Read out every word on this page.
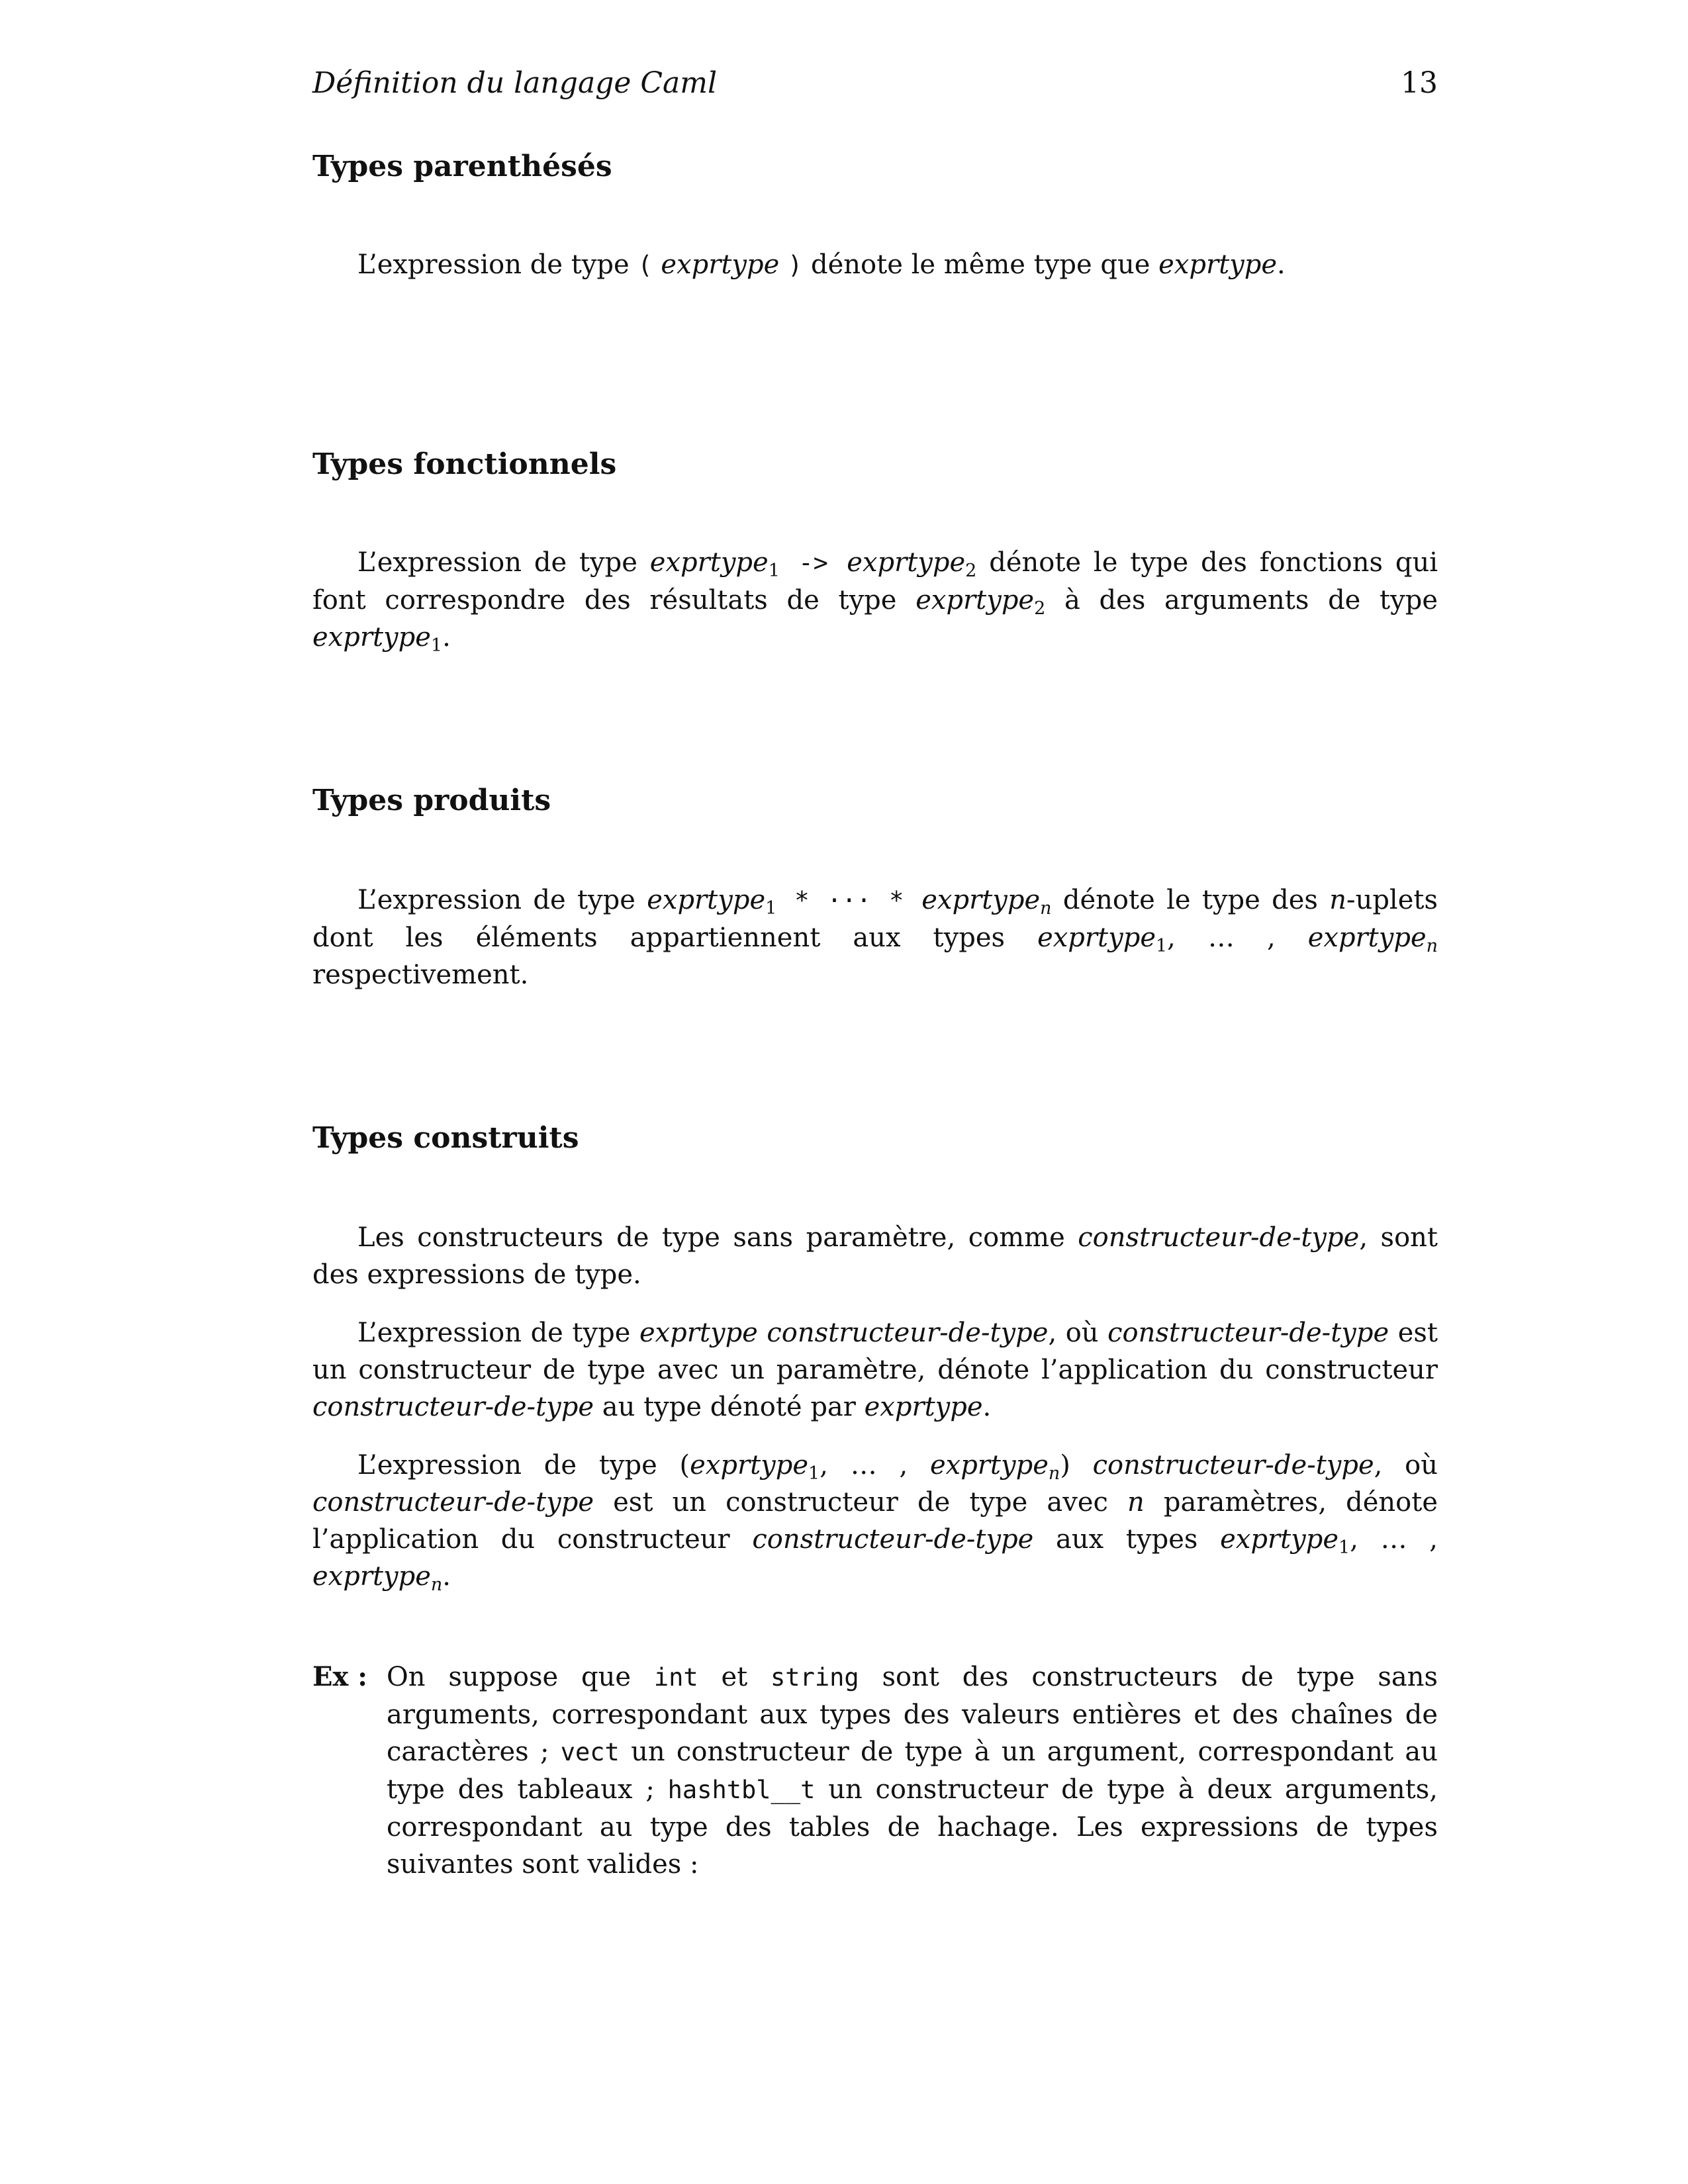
Définition du langage Caml	13
Types parenthésés

L’expression de type ( exprtype ) dénote le même type que exprtype.

Types fonctionnels

L’expression de type exprtype$_1$ -> exprtype$_2$ dénote le type des fonctions qui font correspondre des résultats de type exprtype$_2$ à des arguments de type exprtype$_1$.

Types produits

L’expression de type exprtype$_1$ * ··· * exprtype$_n$ dénote le type des n-uplets dont les éléments appartiennent aux types exprtype$_1$, … , exprtype$_n$ respectivement.

Types construits

Les constructeurs de type sans paramètre, comme constructeur-de-type, sont des expressions de type.

L’expression de type exprtype constructeur-de-type, où constructeur-de-type est un constructeur de type avec un paramètre, dénote l’application du constructeur constructeur-de-type au type dénoté par exprtype.

L’expression de type (exprtype$_1$, … , exprtype$_n$) constructeur-de-type, où constructeur-de-type est un constructeur de type avec n paramètres, dénote l’application du constructeur constructeur-de-type aux types exprtype$_1$, … , exprtype$_n$.

Ex : On suppose que int et string sont des constructeurs de type sans arguments, correspondant aux types des valeurs entières et des chaînes de caractères ; vect un constructeur de type à un argument, correspondant au type des tableaux ; hashtbl__t un constructeur de type à deux arguments, correspondant au type des tables de hachage. Les expressions de types suivantes sont valides :
